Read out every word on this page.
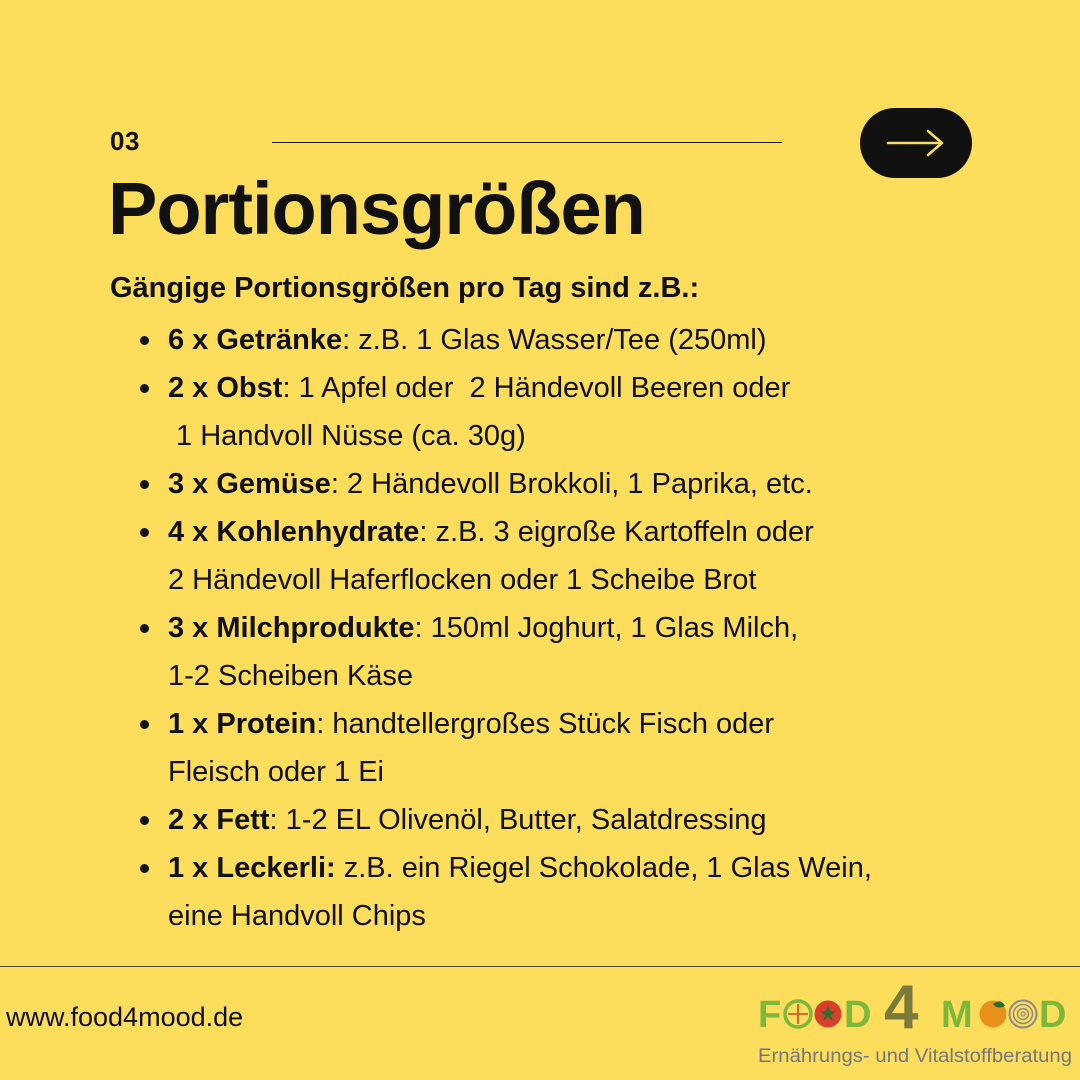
03
Portionsgrößen
Gängige Portionsgrößen pro Tag sind z.B.:
6 x Getränke: z.B. 1 Glas Wasser/Tee (250ml)
2 x Obst: 1 Apfel oder  2 Händevoll Beeren oder
1 Handvoll Nüsse (ca. 30g)
3 x Gemüse: 2 Händevoll Brokkoli, 1 Paprika, etc.
4 x Kohlenhydrate: z.B. 3 eigroße Kartoffeln oder
2 Händevoll Haferflocken oder 1 Scheibe Brot
3 x Milchprodukte: 150ml Joghurt, 1 Glas Milch,
1-2 Scheiben Käse
1 x Protein: handtellergroßes Stück Fisch oder
Fleisch oder 1 Ei
2 x Fett: 1-2 EL Olivenöl, Butter, Salatdressing
1 x Leckerli: z.B. ein Riegel Schokolade, 1 Glas Wein,
eine Handvoll Chips
www.food4mood.de	F D 4 M D
Ernährungs- und Vitalstoffberatung
